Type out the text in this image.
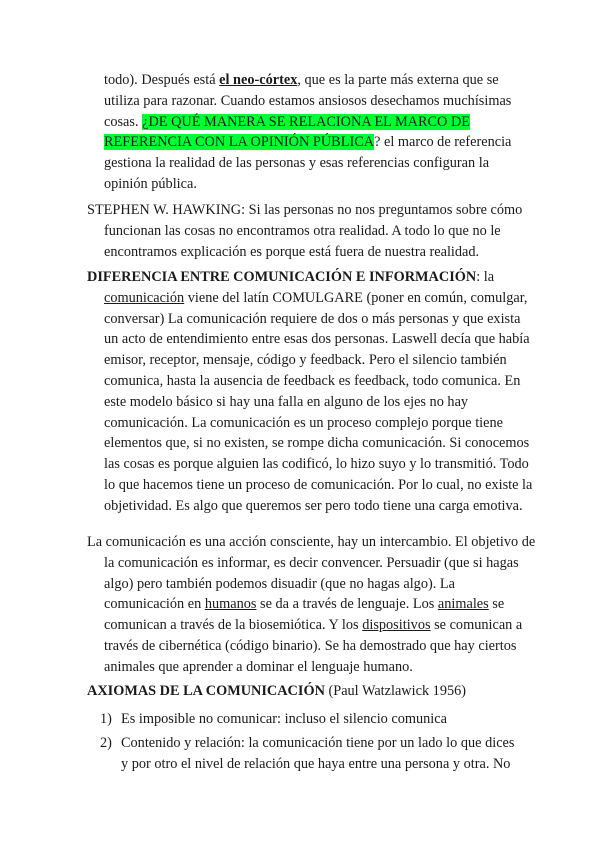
todo). Después está el neo-córtex, que es la parte más externa que se utiliza para razonar. Cuando estamos ansiosos desechamos muchísimas cosas. ¿DE QUÉ MANERA SE RELACIONA EL MARCO DE REFERENCIA CON LA OPINIÓN PÚBLICA? el marco de referencia gestiona la realidad de las personas y esas referencias configuran la opinión pública.

STEPHEN W. HAWKING: Si las personas no nos preguntamos sobre cómo funcionan las cosas no encontramos otra realidad. A todo lo que no le encontramos explicación es porque está fuera de nuestra realidad.

DIFERENCIA ENTRE COMUNICACIÓN E INFORMACIÓN: la comunicación viene del latín COMULGARE (poner en común, comulgar, conversar) La comunicación requiere de dos o más personas y que exista un acto de entendimiento entre esas dos personas. Laswell decía que había emisor, receptor, mensaje, código y feedback. Pero el silencio también comunica, hasta la ausencia de feedback es feedback, todo comunica. En este modelo básico si hay una falla en alguno de los ejes no hay comunicación. La comunicación es un proceso complejo porque tiene elementos que, si no existen, se rompe dicha comunicación. Si conocemos las cosas es porque alguien las codificó, lo hizo suyo y lo transmitió. Todo lo que hacemos tiene un proceso de comunicación. Por lo cual, no existe la objetividad. Es algo que queremos ser pero todo tiene una carga emotiva.

La comunicación es una acción consciente, hay un intercambio. El objetivo de la comunicación es informar, es decir convencer. Persuadir (que si hagas algo) pero también podemos disuadir (que no hagas algo). La comunicación en humanos se da a través de lenguaje. Los animales se comunican a través de la biosemiótica. Y los dispositivos se comunican a través de cibernética (código binario). Se ha demostrado que hay ciertos animales que aprender a dominar el lenguaje humano.

AXIOMAS DE LA COMUNICACIÓN (Paul Watzlawick 1956)

1) Es imposible no comunicar: incluso el silencio comunica
2) Contenido y relación: la comunicación tiene por un lado lo que dices y por otro el nivel de relación que haya entre una persona y otra. No
